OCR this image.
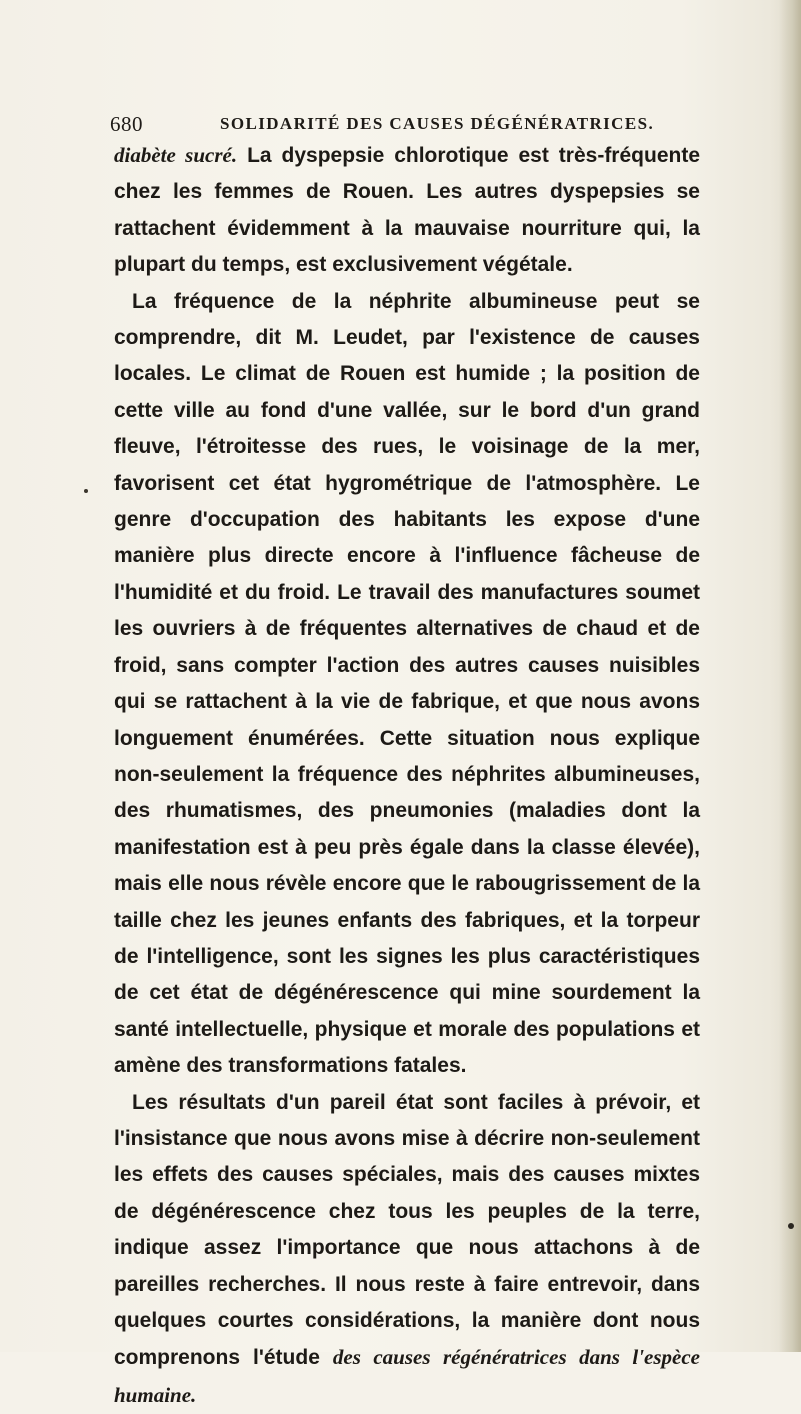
680	SOLIDARITÉ DES CAUSES DÉGÉNÉRATRICES.

diabète sucré. La dyspepsie chlorotique est très-fréquente chez les femmes de Rouen. Les autres dyspepsies se rattachent évidemment à la mauvaise nourriture qui, la plupart du temps, est exclusivement végétale.

La fréquence de la néphrite albumineuse peut se comprendre, dit M. Leudet, par l'existence de causes locales. Le climat de Rouen est humide ; la position de cette ville au fond d'une vallée, sur le bord d'un grand fleuve, l'étroitesse des rues, le voisinage de la mer, favorisent cet état hygrométrique de l'atmosphère. Le genre d'occupation des habitants les expose d'une manière plus directe encore à l'influence fâcheuse de l'humidité et du froid. Le travail des manufactures soumet les ouvriers à de fréquentes alternatives de chaud et de froid, sans compter l'action des autres causes nuisibles qui se rattachent à la vie de fabrique, et que nous avons longuement énumérées. Cette situation nous explique non-seulement la fréquence des néphrites albumineuses, des rhumatismes, des pneumonies (maladies dont la manifestation est à peu près égale dans la classe élevée), mais elle nous révèle encore que le rabougrissement de la taille chez les jeunes enfants des fabriques, et la torpeur de l'intelligence, sont les signes les plus caractéristiques de cet état de dégénérescence qui mine sourdement la santé intellectuelle, physique et morale des populations et amène des transformations fatales.

Les résultats d'un pareil état sont faciles à prévoir, et l'insistance que nous avons mise à décrire non-seulement les effets des causes spéciales, mais des causes mixtes de dégénérescence chez tous les peuples de la terre, indique assez l'importance que nous attachons à de pareilles recherches. Il nous reste à faire entrevoir, dans quelques courtes considérations, la manière dont nous comprenons l'étude des causes régénératrices dans l'espèce humaine.
